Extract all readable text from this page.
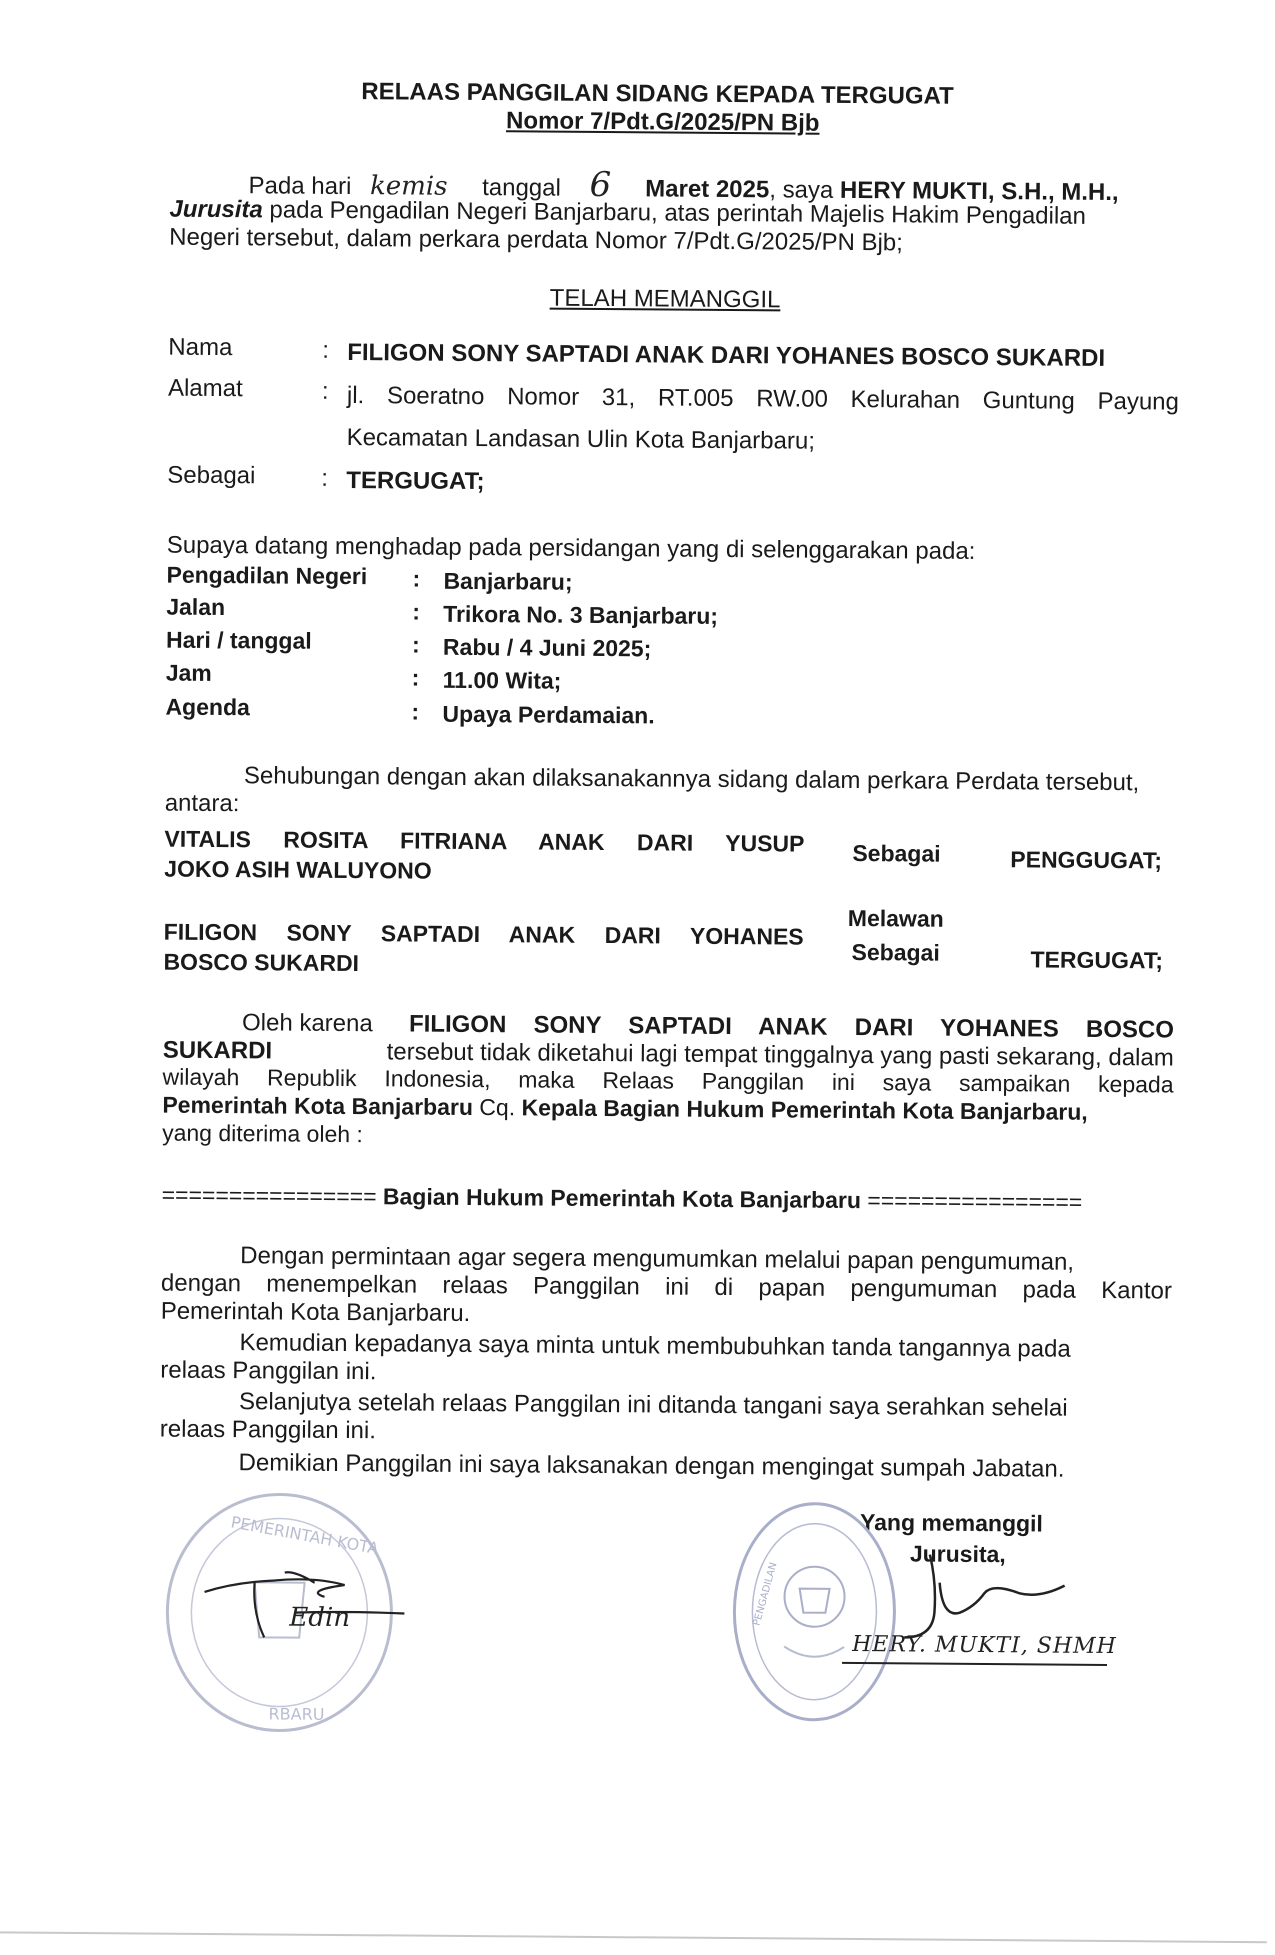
RELAAS PANGGILAN SIDANG KEPADA TERGUGAT
Nomor 7/Pdt.G/2025/PN Bjb
Pada hari kemis tanggal 6 Maret 2025, saya HERY MUKTI, S.H., M.H.,
Jurusita pada Pengadilan Negeri Banjarbaru, atas perintah Majelis Hakim Pengadilan
Negeri tersebut, dalam perkara perdata Nomor 7/Pdt.G/2025/PN Bjb;
TELAH MEMANGGIL
Nama	: FILIGON SONY SAPTADI ANAK DARI YOHANES BOSCO SUKARDI
Alamat	: jl. Soeratno Nomor 31, RT.005 RW.00 Kelurahan Guntung Payung
Kecamatan Landasan Ulin Kota Banjarbaru;
Sebagai	: TERGUGAT;
Supaya datang menghadap pada persidangan yang di selenggarakan pada:
Pengadilan Negeri : Banjarbaru;
Jalan	: Trikora No. 3 Banjarbaru;
Hari / tanggal	: Rabu / 4 Juni 2025;
Jam	: 11.00 Wita;
Agenda	: Upaya Perdamaian.
Sehubungan dengan akan dilaksanakannya sidang dalam perkara Perdata tersebut,
antara:
VITALIS ROSITA FITRIANA ANAK DARI YUSUP
JOKO ASIH WALUYONO
Sebagai	PENGGUGAT;
Melawan
FILIGON SONY SAPTADI ANAK DARI YOHANES
BOSCO SUKARDI	Sebagai	TERGUGAT;
Oleh karena FILIGON SONY SAPTADI ANAK DARI YOHANES BOSCO
SUKARDI	tersebut tidak diketahui lagi tempat tinggalnya yang pasti sekarang, dalam
wilayah Republik Indonesia, maka Relaas Panggilan ini saya sampaikan kepada
Pemerintah Kota Banjarbaru Cq. Kepala Bagian Hukum Pemerintah Kota Banjarbaru,
yang diterima oleh :
================ Bagian Hukum Pemerintah Kota Banjarbaru ================
Dengan permintaan agar segera mengumumkan melalui papan pengumuman,
dengan menempelkan relaas Panggilan ini di papan pengumuman pada Kantor
Pemerintah Kota Banjarbaru.
Kemudian kepadanya saya minta untuk membubuhkan tanda tangannya pada
relaas Panggilan ini.
Selanjutya setelah relaas Panggilan ini ditanda tangani saya serahkan sehelai
relaas Panggilan ini.
Demikian Panggilan ini saya laksanakan dengan mengingat sumpah Jabatan.
Yang memanggil
Jurusita,
PENGADILAN
HERY. MUKTI, SHMH
PEMERINTAH KOTA
RBARU
Edin
